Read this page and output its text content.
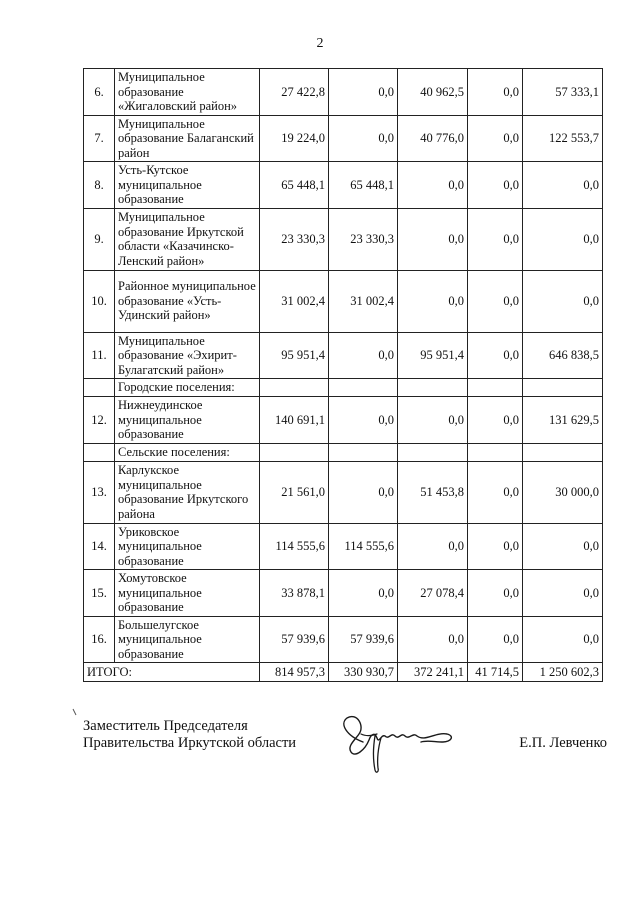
2
6.	Муниципальное образование «Жигаловский район»	27 422,8	0,0	40 962,5	0,0	57 333,1
7.	Муниципальное образование Балаганский район	19 224,0	0,0	40 776,0	0,0	122 553,7
8.	Усть-Кутское муниципальное образование	65 448,1	65 448,1	0,0	0,0	0,0
9.	Муниципальное образование Иркутской области «Казачинско-Ленский район»	23 330,3	23 330,3	0,0	0,0	0,0
10.	Районное муниципальное образование «Усть-Удинский район»	31 002,4	31 002,4	0,0	0,0	0,0
11.	Муниципальное образование «Эхирит-Булагатский район»	95 951,4	0,0	95 951,4	0,0	646 838,5
	Городские поселения:					
12.	Нижнеудинское муниципальное образование	140 691,1	0,0	0,0	0,0	131 629,5
	Сельские поселения:					
13.	Карлукское муниципальное образование Иркутского района	21 561,0	0,0	51 453,8	0,0	30 000,0
14.	Уриковское муниципальное образование	114 555,6	114 555,6	0,0	0,0	0,0
15.	Хомутовское муниципальное образование	33 878,1	0,0	27 078,4	0,0	0,0
16.	Большелугское муниципальное образование	57 939,6	57 939,6	0,0	0,0	0,0
ИТОГО:		814 957,3	330 930,7	372 241,1	41 714,5	1 250 602,3
Заместитель Председателя
Правительства Иркутской области	Е.П. Левченко
